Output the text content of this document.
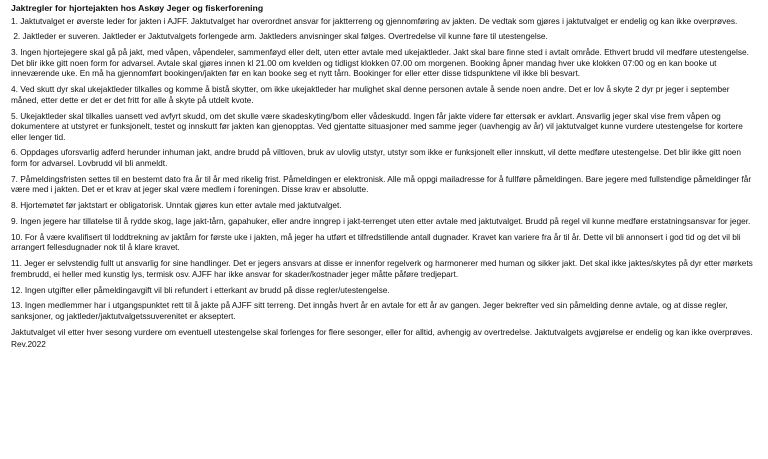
Jaktregler for hjortejakten hos Askøy Jeger og fiskerforening
1. Jaktutvalget er øverste leder for jakten i AJFF. Jaktutvalget har overordnet ansvar for jaktterreng og gjennomføring av jakten. De vedtak som gjøres i jaktutvalget er endelig og kan ikke overprøves.
2. Jaktleder er suveren. Jaktleder er Jaktutvalgets forlengede arm. Jaktleders anvisninger skal følges. Overtredelse vil kunne føre til utestengelse.
3. Ingen hjortejegere skal gå på jakt, med våpen, våpendeler, sammenføyd eller delt, uten etter avtale med ukejaktleder. Jakt skal bare finne sted i avtalt område. Ethvert brudd vil medføre utestengelse. Det blir ikke gitt noen form for advarsel. Avtale skal gjøres innen kl 21.00 om kvelden og tidligst klokken 07.00 om morgenen. Booking åpner mandag hver uke klokken 07:00 og en kan booke ut inneværende uke. En må ha gjennomført bookingen/jakten før en kan booke seg et nytt tårn. Bookinger for eller etter disse tidspunktene vil ikke bli besvart.
4. Ved skutt dyr skal ukejaktleder tilkalles og komme å bistå skytter, om ikke ukejaktleder har mulighet skal denne personen avtale å sende noen andre. Det er lov å skyte 2 dyr pr jeger i september måned, etter dette er det er det fritt for alle å skyte på utdelt kvote.
5. Ukejaktleder skal tilkalles uansett ved avfyrt skudd, om det skulle være skadeskyting/bom eller vådeskudd. Ingen får jakte videre før ettersøk er avklart. Ansvarlig jeger skal vise frem våpen og dokumentere at utstyret er funksjonelt, testet og innskutt før jakten kan gjenopptas. Ved gjentatte situasjoner med samme jeger (uavhengig av år) vil jaktutvalget kunne vurdere utestengelse for kortere eller lenger tid.
6. Oppdages uforsvarlig adferd herunder inhuman jakt, andre brudd på viltloven, bruk av ulovlig utstyr, utstyr som ikke er funksjonelt eller innskutt, vil dette medføre utestengelse. Det blir ikke gitt noen form for advarsel. Lovbrudd vil bli anmeldt.
7. Påmeldingsfristen settes til en bestemt dato fra år til år med rikelig frist. Påmeldingen er elektronisk. Alle må oppgi mailadresse for å fullføre påmeldingen. Bare jegere med fullstendige påmeldinger får være med i jakten. Det er et krav at jeger skal være medlem i foreningen. Disse krav er absolutte.
8. Hjortemøtet før jaktstart er obligatorisk. Unntak gjøres kun etter avtale med jaktutvalget.
9. Ingen jegere har tillatelse til å rydde skog, lage jakt-tårn, gapahuker, eller andre inngrep i jakt-terrenget uten etter avtale med jaktutvalget. Brudd på regel vil kunne medføre erstatningsansvar for jeger.
10. For å være kvalifisert til loddtrekning av jaktårn for første uke i jakten, må jeger ha utført et tilfredstillende antall dugnader. Kravet kan variere fra år til år. Dette vil bli annonsert i god tid og det vil bli arrangert fellesdugnader nok til å klare kravet.
11. Jeger er selvstendig fullt ut ansvarlig for sine handlinger. Det er jegers ansvars at disse er innenfor regelverk og harmonerer med human og sikker jakt. Det skal ikke jaktes/skytes på dyr etter mørkets frembrudd, ei heller med kunstig lys, termisk osv. AJFF har ikke ansvar for skader/kostnader jeger måtte påføre tredjepart.
12. Ingen utgifter eller påmeldingavgift vil bli refundert i etterkant av brudd på disse regler/utestengelse.
13. Ingen medlemmer har i utgangspunktet rett til å jakte på AJFF sitt terreng. Det inngås hvert år en avtale for ett år av gangen. Jeger bekrefter ved sin påmelding denne avtale, og at disse regler, sanksjoner, og jaktleder/jaktutvalgetssuverenitet er akseptert.
Jaktutvalget vil etter hver sesong vurdere om eventuell utestengelse skal forlenges for flere sesonger, eller for alltid, avhengig av overtredelse. Jaktutvalgets avgjørelse er endelig og kan ikke overprøves.
Rev.2022
